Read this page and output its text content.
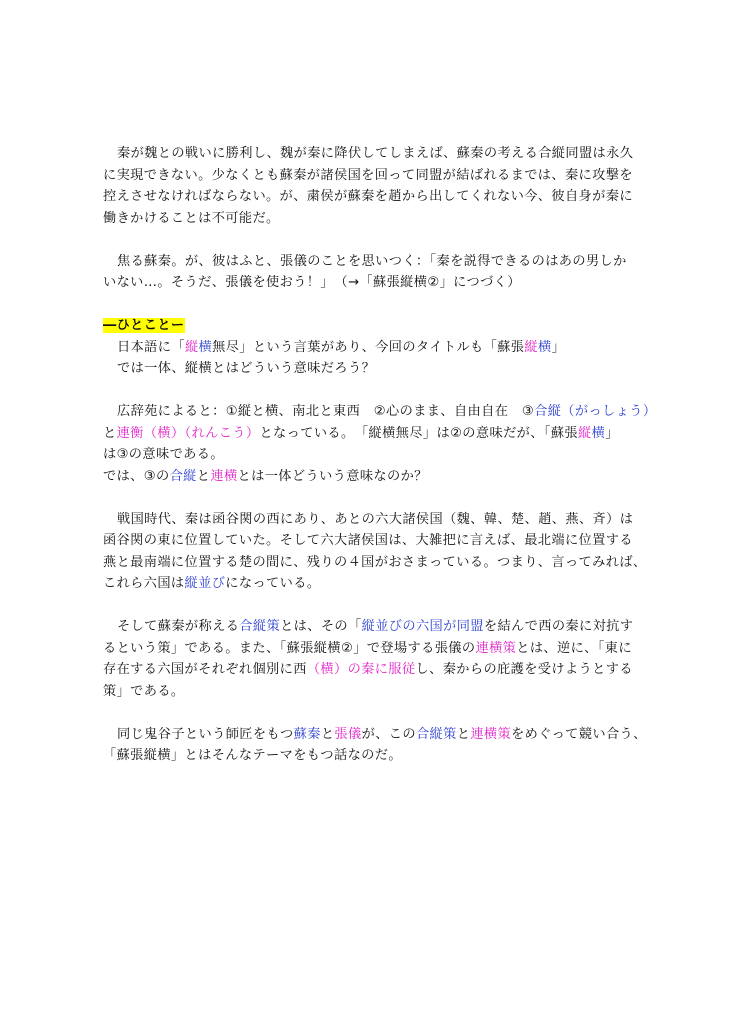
秦が魏との戦いに勝利し、魏が秦に降伏してしまえば、蘇秦の考える合縦同盟は永久
に実現できない。少なくとも蘇秦が諸侯国を回って同盟が結ばれるまでは、秦に攻撃を
控えさせなければならない。が、粛侯が蘇秦を趙から出してくれない今、彼自身が秦に
働きかけることは不可能だ。
焦る蘇秦。が、彼はふと、張儀のことを思いつく：「秦を説得できるのはあの男しか
いない…。そうだ、張儀を使おう！」　（→「蘇張縦横②」につづく）
―ひとことー
日本語に「縦横無尽」という言葉があり、今回のタイトルも「蘇張縦横」
では一体、縦横とはどういう意味だろう？
広辞苑によると：①縦と横、南北と東西　②心のまま、自由自在　③合縦（がっしょう）
と連衡（横）（れんこう）となっている。　「縦横無尽」は②の意味だが、「蘇張縦横」
は③の意味である。
では、③の合縦と連横とは一体どういう意味なのか？
戦国時代、秦は函谷関の西にあり、あとの六大諸侯国（魏、韓、楚、趙、燕、斉）は
函谷関の東に位置していた。そして六大諸侯国は、大雑把に言えば、最北端に位置する
燕と最南端に位置する楚の間に、残りの４国がおさまっている。つまり、言ってみれば、
これら六国は縦並びになっている。
そして蘇秦が称える合縦策とは、その「縦並びの六国が同盟を結んで西の秦に対抗す
るという策」である。また、「蘇張縦横②」で登場する張儀の連横策とは、逆に、「東に
存在する六国がそれぞれ個別に西（横）の秦に服従し、秦からの庇護を受けようとする
策」である。
同じ鬼谷子という師匠をもつ蘇秦と張儀が、この合縦策と連横策をめぐって競い合う、
「蘇張縦横」とはそんなテーマをもつ話なのだ。
